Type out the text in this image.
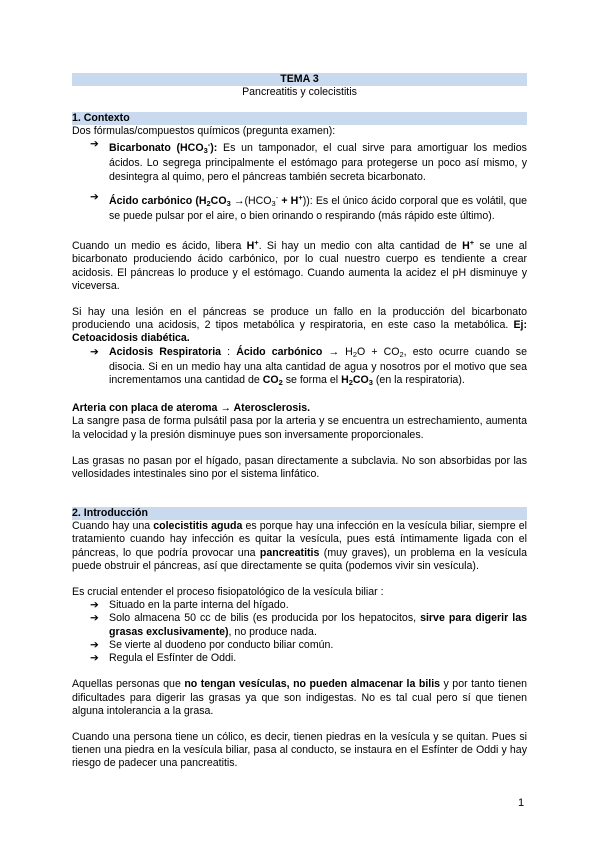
TEMA 3
Pancreatitis y colecistitis
1. Contexto

Dos fórmulas/compuestos químicos (pregunta examen):

➔ Bicarbonato $(HCO_3^-)$: Es un tamponador, el cual sirve para amortiguar los medios ácidos. Lo segrega principalmente el estómago para protegerse un poco así mismo, y desintegra al quimo, pero el páncreas también secreta bicarbonato.
➔ Ácido carbónico $(H_2CO_3 \to(HCO_3^- + H^+))$: Es el único ácido corporal que es volátil, que se puede pulsar por el aire, o bien orinando o respirando (más rápido este último).

Cuando un medio es ácido, libera H+. Si hay un medio con alta cantidad de H+ se une al bicarbonato produciendo ácido carbónico, por lo cual nuestro cuerpo es tendiente a crear acidosis. El páncreas lo produce y el estómago. Cuando aumenta la acidez el pH disminuye y viceversa.

Si hay una lesión en el páncreas se produce un fallo en la producción del bicarbonato produciendo una acidosis, 2 tipos metabólica y respiratoria, en este caso la metabólica. Ej: Cetoacidosis diabética.

➔ Acidosis Respiratoria : Ácido carbónico → $H_2O + CO_2$, esto ocurre cuando se disocia. Si en un medio hay una alta cantidad de agua y nosotros por el motivo que sea incrementamos una cantidad de $CO_2$ se forma el $H_2CO_3$ (en la respiratoria).

Arteria con placa de ateroma → Aterosclerosis.

La sangre pasa de forma pulsátil pasa por la arteria y se encuentra un estrechamiento, aumenta la velocidad y la presión disminuye pues son inversamente proporcionales.

Las grasas no pasan por el hígado, pasan directamente a subclavia. No son absorbidas por las vellosidades intestinales sino por el sistema linfático.

2. Introducción

Cuando hay una colecistitis aguda es porque hay una infección en la vesícula biliar, siempre el tratamiento cuando hay infección es quitar la vesícula, pues está íntimamente ligada con el páncreas, lo que podría provocar una pancreatitis (muy graves), un problema en la vesícula puede obstruir el páncreas, así que directamente se quita (podemos vivir sin vesícula).

Es crucial entender el proceso fisiopatológico de la vesícula biliar :

➔ Situado en la parte interna del hígado.
➔ Solo almacena 50 cc de bilis (es producida por los hepatocitos, sirve para digerir las grasas exclusivamente), no produce nada.
➔ Se vierte al duodeno por conducto biliar común.
➔ Regula el Esfínter de Oddi.

Aquellas personas que no tengan vesículas, no pueden almacenar la bilis y por tanto tienen dificultades para digerir las grasas ya que son indigestas. No es tal cual pero sí que tienen alguna intolerancia a la grasa.

Cuando una persona tiene un cólico, es decir, tienen piedras en la vesícula y se quitan. Pues si tienen una piedra en la vesícula biliar, pasa al conducto, se instaura en el Esfínter de Oddi y hay riesgo de padecer una pancreatitis.

1
